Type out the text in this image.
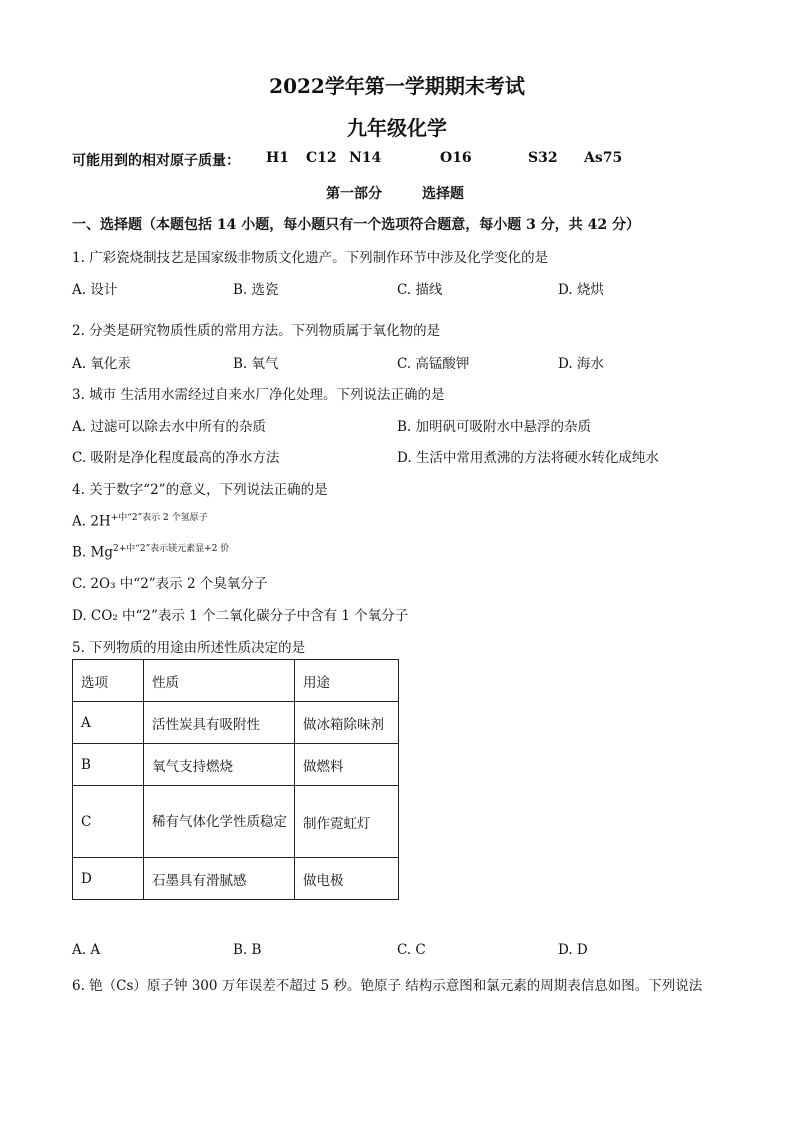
2022学年第一学期期末考试
九年级化学
可能用到的相对原子质量： H1 C12 N14	O16	S32 As75
第一部分	选择题
一、选择题（本题包括 14 小题，每小题只有一个选项符合题意，每小题 3 分，共 42 分）
1. 广彩瓷烧制技艺是国家级非物质文化遗产。下列制作环节中涉及化学变化的是
A. 设计	B. 选瓷	C. 描线	D. 烧烘
2. 分类是研究物质性质的常用方法。下列物质属于氧化物的是
A. 氧化汞	B. 氧气	C. 高锰酸钾	D. 海水
3. 城市 生活用水需经过自来水厂净化处理。下列说法正确的是
A. 过滤可以除去水中所有的杂质	B. 加明矾可吸附水中悬浮的杂质
C. 吸附是净化程度最高的净水方法	D. 生活中常用煮沸的方法将硬水转化成纯水
4. 关于数字“2”的意义，下列说法正确的是
A. $2H^{+中“2”表示 2 个氢原子}$
B. $Mg^{2+中“2”表示镁元素显+2 价}$
C. 2O₃ 中“2”表示 2 个臭氧分子
D. CO₂ 中“2”表示 1 个二氧化碳分子中含有 1 个氧分子
5. 下列物质的用途由所述性质决定的是
选项	性质	用途
A	活性炭具有吸附性	做冰箱除味剂
B	氧气支持燃烧	做燃料
C	稀有气体化学性质稳定	制作霓虹灯
D	石墨具有滑腻感	做电极
A. A	B. B	C. C	D. D
6. 铯（Cs）原子钟 300 万年误差不超过 5 秒。铯原子 结构示意图和氯元素的周期表信息如图。下列说法
